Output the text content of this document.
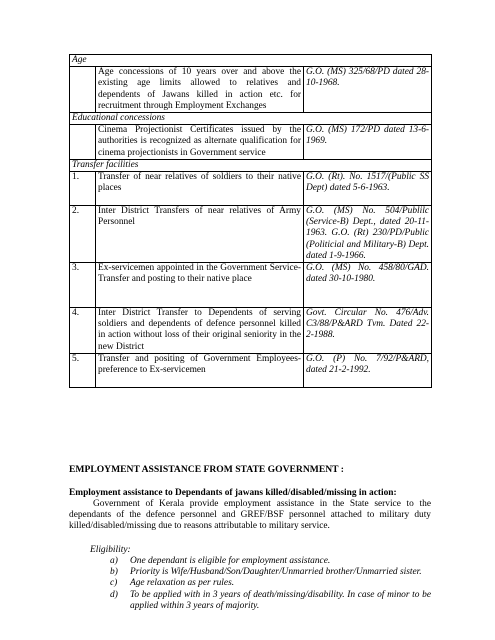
Age		
	Age concessions of 10 years over and above the existing age limits allowed to relatives and dependents of Jawans killed in action etc. for recruitment through Employment Exchanges	G.O. (MS) 325/68/PD dated 28-10-1968.
Educational concessions		
	Cinema Projectionist Certificates issued by the authorities is recognized as alternate qualification for cinema projectionists in Government service	G.O. (MS) 172/PD dated 13-6-1969.
Transfer facilities		
1.	Transfer of near relatives of soldiers to their native places	G.O. (Rt). No. 1517/(Public SS Dept) dated 5-6-1963.
2.	Inter District Transfers of near relatives of Army Personnel	G.O. (MS) No. 504/Publilc (Service-B) Dept., dated 20-11-1963. G.O. (Rt) 230/PD/Public (Politicial and Military-B) Dept. dated 1-9-1966.
3.	Ex-servicemen appointed in the Government Service-Transfer and posting to their native place	G.O. (MS) No. 458/80/GAD. dated 30-10-1980.
4.	Inter District Transfer to Dependents of serving soldiers and dependents of defence personnel killed in action without loss of their original seniority in the new District	Govt. Circular No. 476/Adv. C3/88/P&ARD Tvm. Dated 22-2-1988.
5.	Transfer and positing of Government Employees-preference to Ex-servicemen	G.O. (P) No. 7/92/P&ARD, dated 21-2-1992.
EMPLOYMENT ASSISTANCE FROM STATE GOVERNMENT :
Employment assistance to Dependants of jawans killed/disabled/missing in action:
Government of Kerala provide employment assistance in the State service to the dependants of the defence personnel and GREF/BSF personnel attached to military duty killed/disabled/missing due to reasons attributable to military service.
Eligibility:
a)	One dependant is eligible for employment assistance.
b)	Priority is Wife/Husband/Son/Daughter/Unmarried brother/Unmarried sister.
c)	Age relaxation as per rules.
d)	To be applied with in 3 years of death/missing/disability. In case of minor to be applied within 3 years of majority.
